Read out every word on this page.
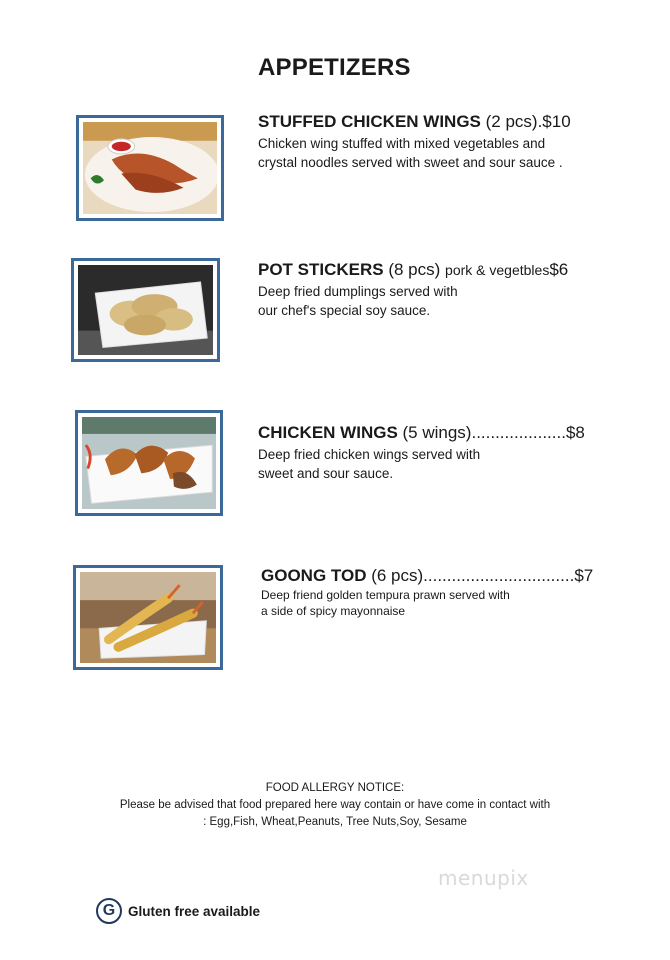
APPETIZERS
STUFFED CHICKEN WINGS (2 pcs).$10
Chicken wing stuffed with mixed vegetables and
crystal noodles served with sweet and sour sauce .
POT STICKERS (8 pcs) pork & vegetbles$6
Deep fried dumplings served with
our chef's special soy sauce.
CHICKEN WINGS (5 wings)....................$8
Deep fried chicken wings served with
sweet and sour sauce.
GOONG TOD (6 pcs)................................$7
Deep friend golden tempura prawn served with
a side of spicy mayonnaise
FOOD ALLERGY NOTICE:
Please be advised that food prepared here way contain or have come in contact with
: Egg,Fish, Wheat,Peanuts, Tree Nuts,Soy, Sesame
menupix
G Gluten free available
